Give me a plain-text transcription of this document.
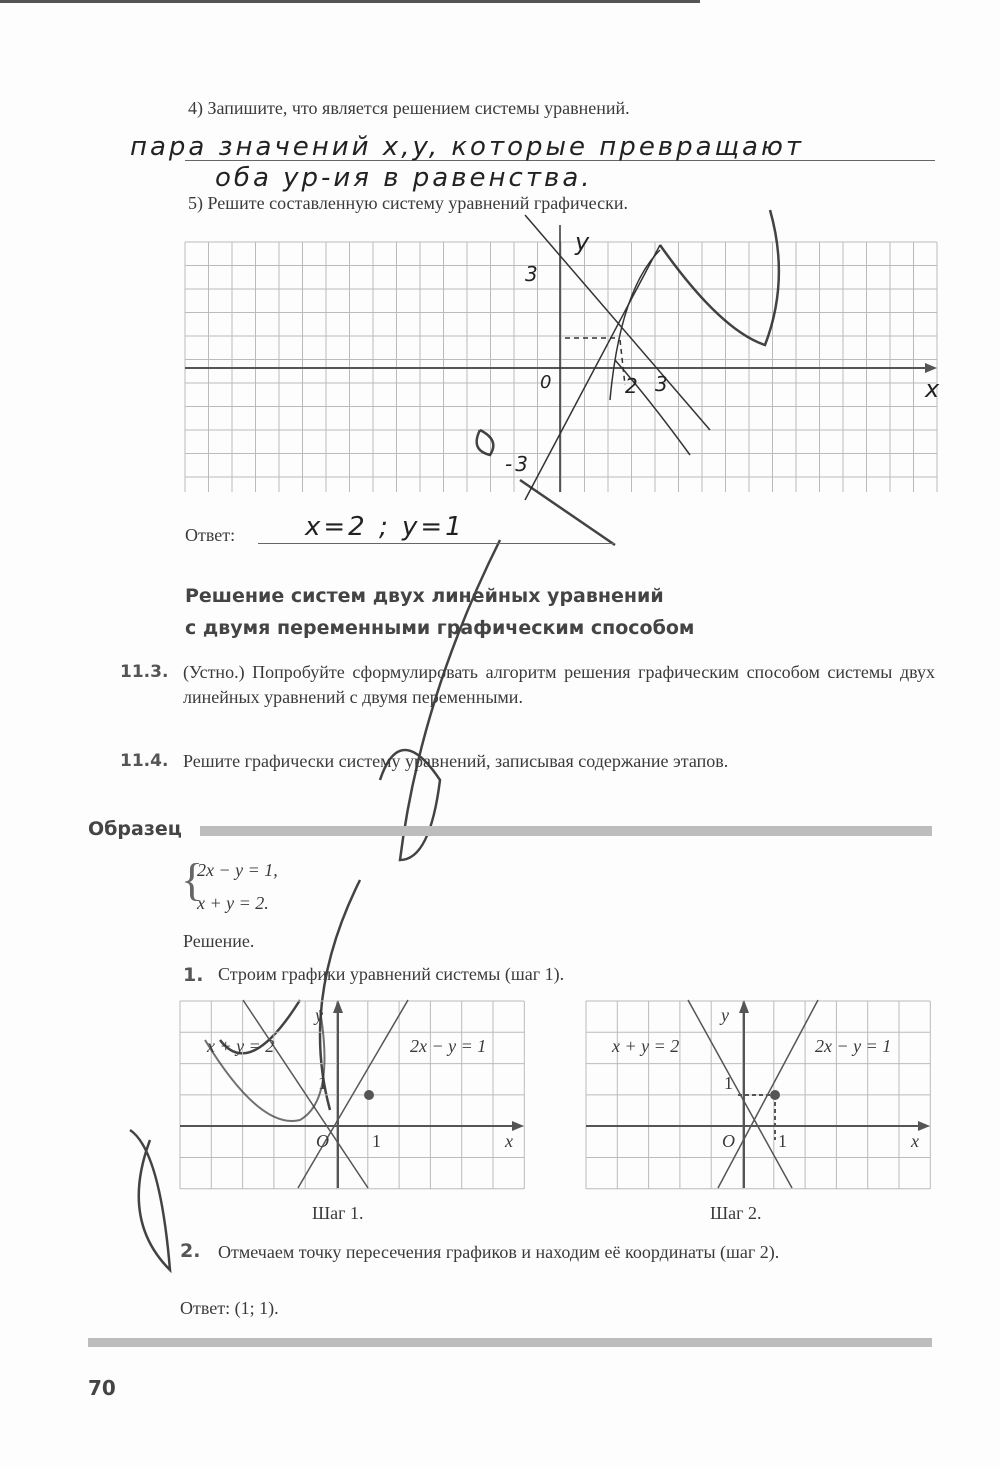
4) Запишите, что является решением системы уравнений.
пара значений x,y, которые превращают
оба ур-ия в равенства.
5) Решите составленную систему уравнений графически.
y
x
0
3
2 3
-3
Ответ:	x=2 ; y=1
Решение систем двух линейных уравнений
с двумя переменными графическим способом
11.3. (Устно.) Попробуйте сформулировать алгоритм решения графическим способом системы двух линейных уравнений с двумя переменными.
11.4. Решите графически систему уравнений, записывая содержание этапов.
Образец
{
2x − y = 1,
x + y = 2.
Решение.
1. Строим графики уравнений системы (шаг 1).
x + y = 2	2x − y = 1
y
x
O 1
1
x + y = 2	2x − y = 1
y
x
O 1
1
Шаг 1.	Шаг 2.
2. Отмечаем точку пересечения графиков и находим её координаты (шаг 2).
Ответ: (1; 1).
70
